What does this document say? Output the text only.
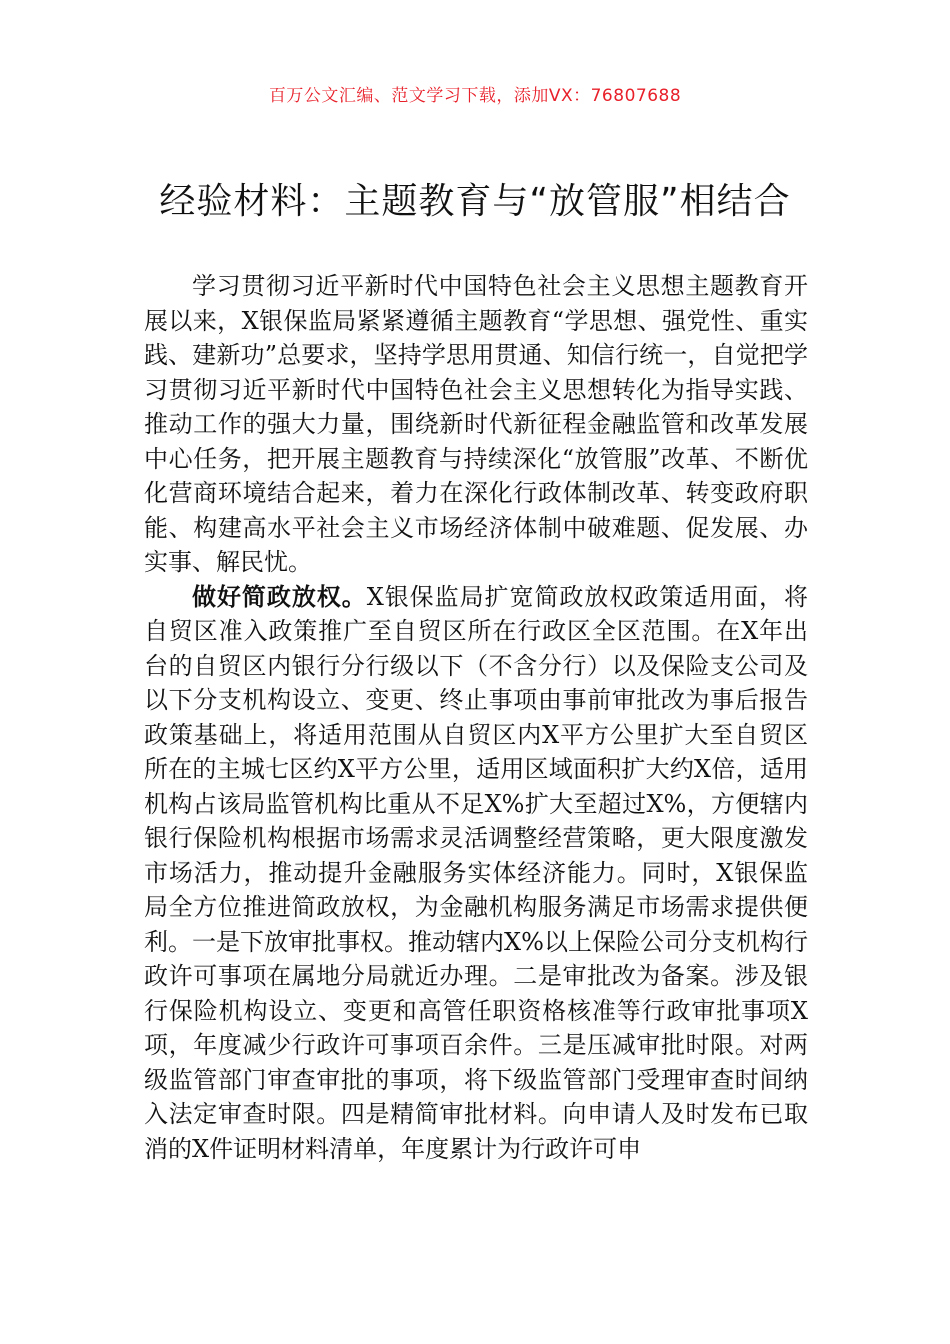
百万公文汇编、范文学习下载，添加VX：76807688
经验材料：主题教育与“放管服”相结合

学习贯彻习近平新时代中国特色社会主义思想主题教育开展以来，X银保监局紧紧遵循主题教育“学思想、强党性、重实践、建新功”总要求，坚持学思用贯通、知信行统一，自觉把学习贯彻习近平新时代中国特色社会主义思想转化为指导实践、推动工作的强大力量，围绕新时代新征程金融监管和改革发展中心任务，把开展主题教育与持续深化“放管服”改革、不断优化营商环境结合起来，着力在深化行政体制改革、转变政府职能、构建高水平社会主义市场经济体制中破难题、促发展、办实事、解民忧。

做好简政放权。X银保监局扩宽简政放权政策适用面，将自贸区准入政策推广至自贸区所在行政区全区范围。在X年出台的自贸区内银行分行级以下（不含分行）以及保险支公司及以下分支机构设立、变更、终止事项由事前审批改为事后报告政策基础上，将适用范围从自贸区内X平方公里扩大至自贸区所在的主城七区约X平方公里，适用区域面积扩大约X倍，适用机构占该局监管机构比重从不足X%扩大至超过X%，方便辖内银行保险机构根据市场需求灵活调整经营策略，更大限度激发市场活力，推动提升金融服务实体经济能力。同时，X银保监局全方位推进简政放权，为金融机构服务满足市场需求提供便利。一是下放审批事权。推动辖内X%以上保险公司分支机构行政许可事项在属地分局就近办理。二是审批改为备案。涉及银行保险机构设立、变更和高管任职资格核准等行政审批事项X项，年度减少行政许可事项百余件。三是压减审批时限。对两级监管部门审查审批的事项，将下级监管部门受理审查时间纳入法定审查时限。四是精简审批材料。向申请人及时发布已取消的X件证明材料清单，年度累计为行政许可申
